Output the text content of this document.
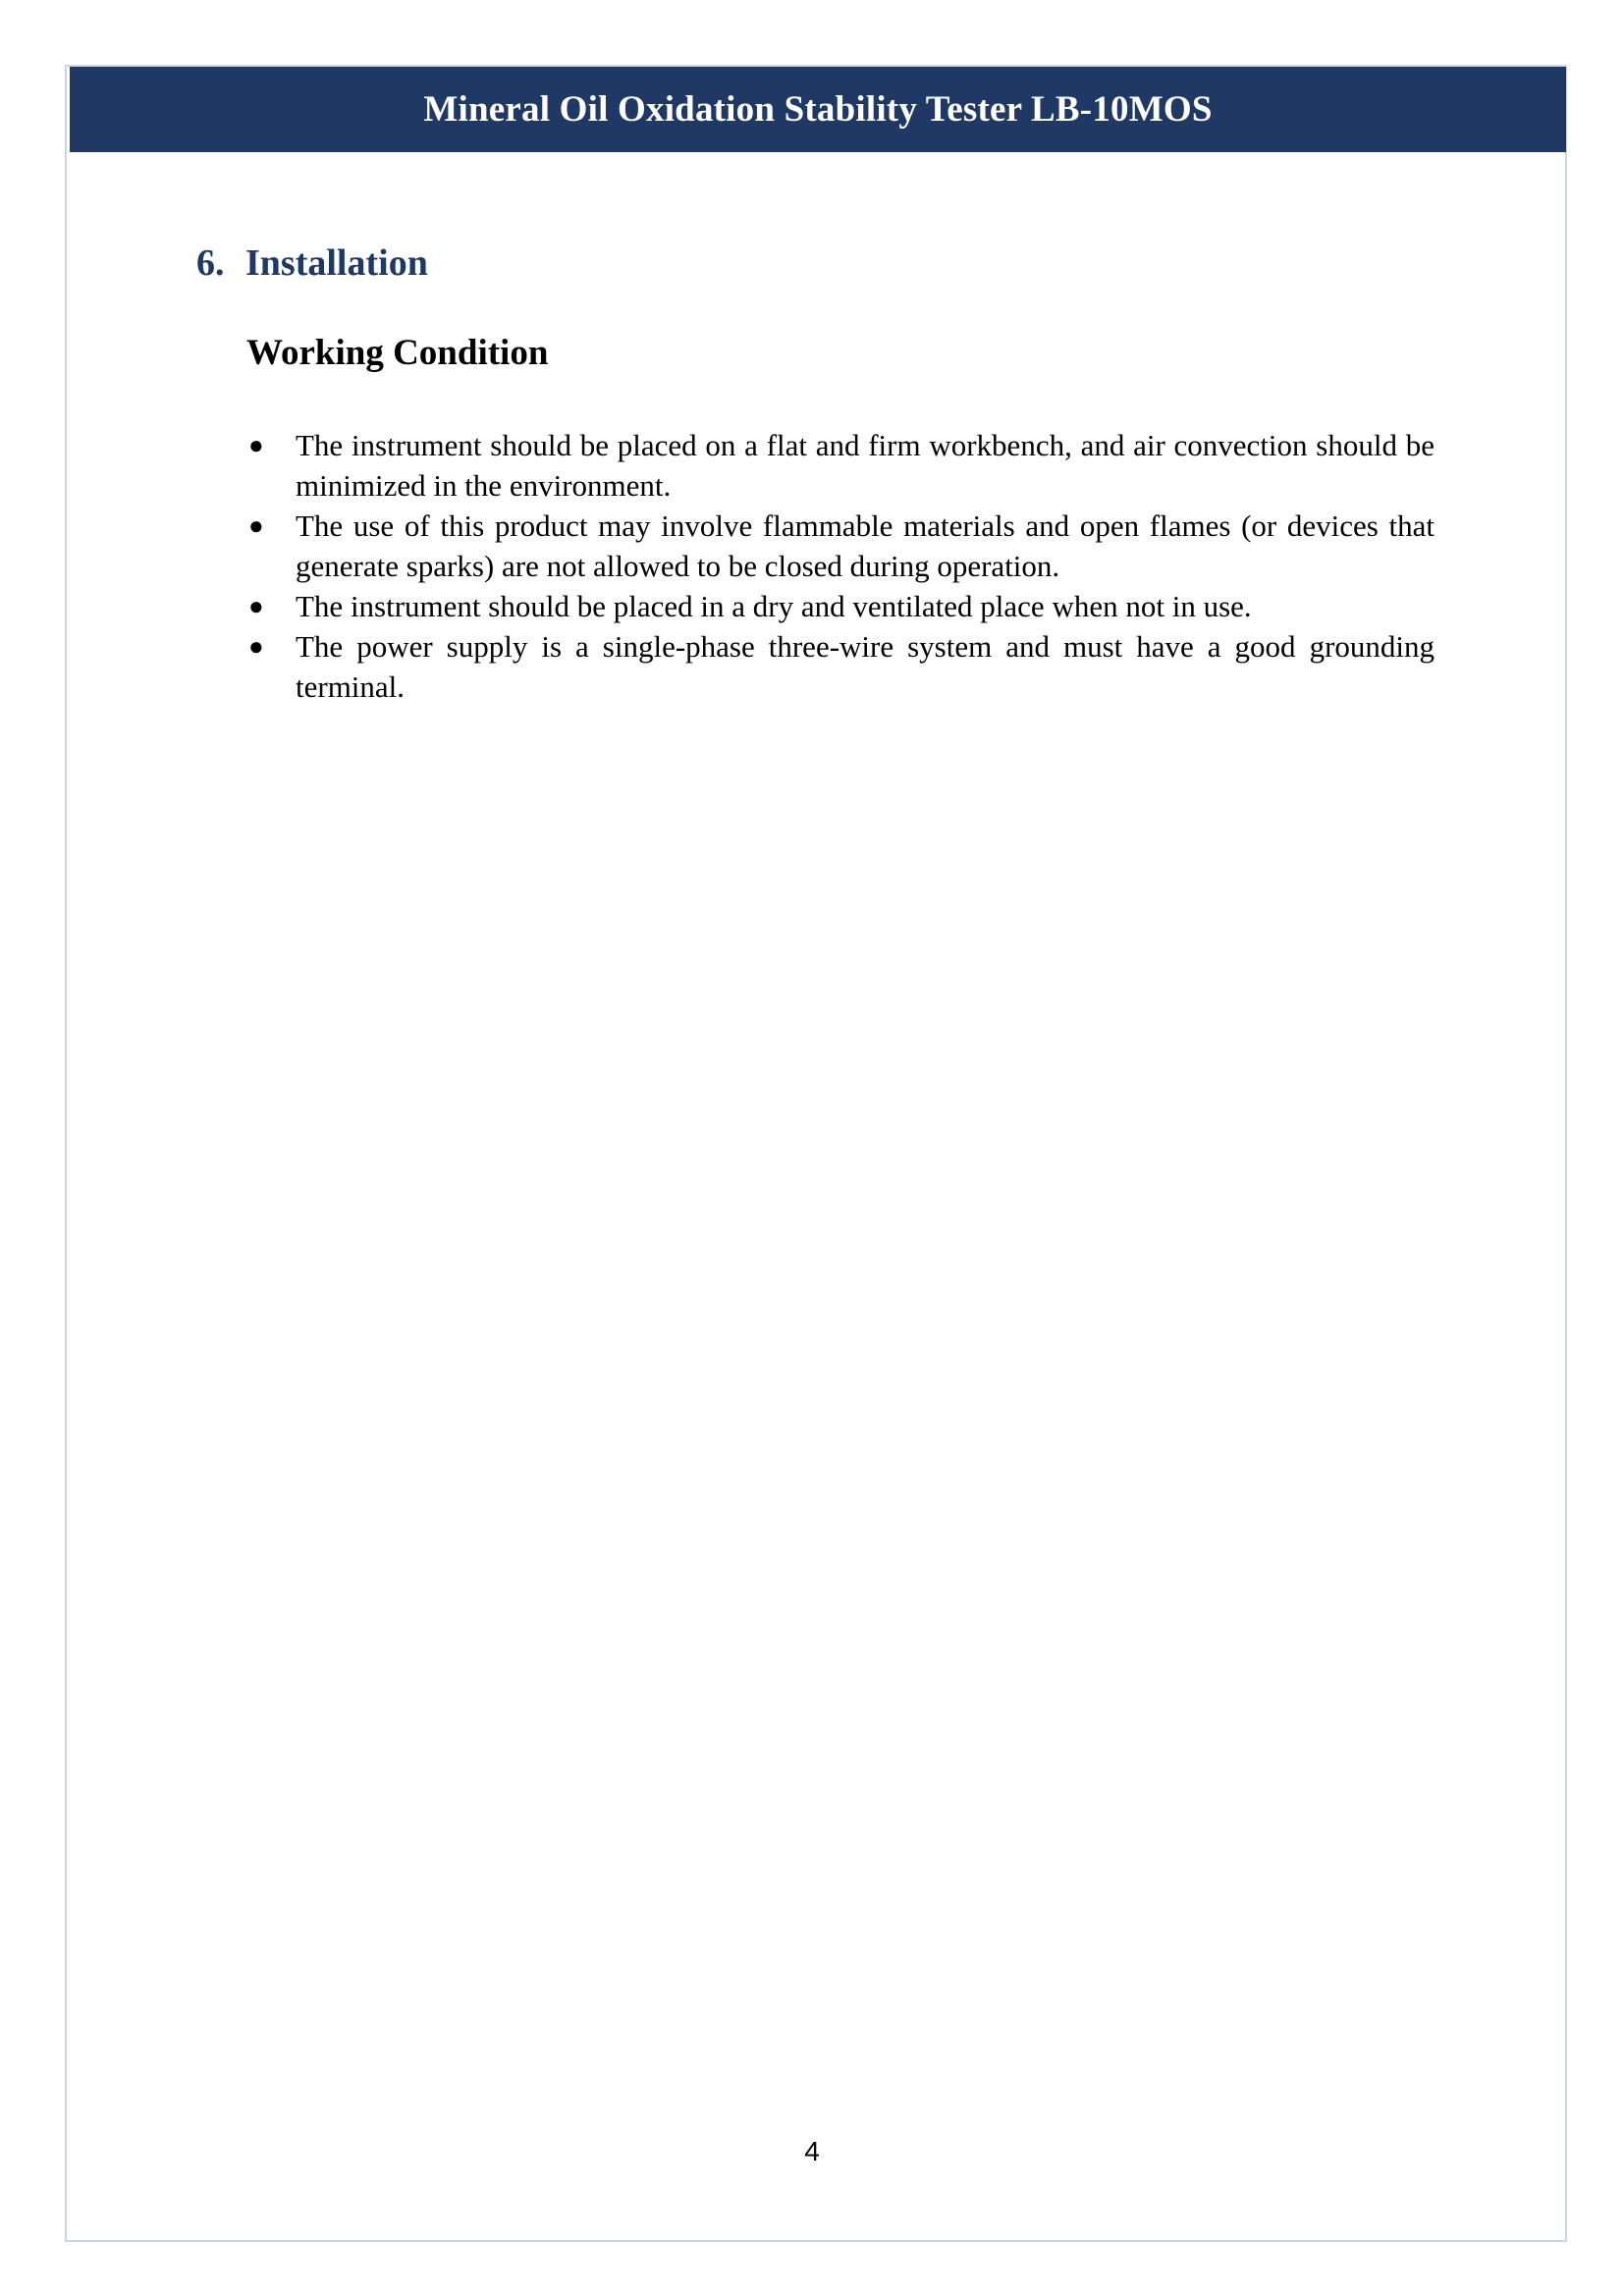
Mineral Oil Oxidation Stability Tester LB-10MOS
6. Installation
Working Condition
● The instrument should be placed on a flat and firm workbench, and air convection should be minimized in the environment.
● The use of this product may involve flammable materials and open flames (or devices that generate sparks) are not allowed to be closed during operation.
● The instrument should be placed in a dry and ventilated place when not in use.
● The power supply is a single-phase three-wire system and must have a good grounding terminal.
4
